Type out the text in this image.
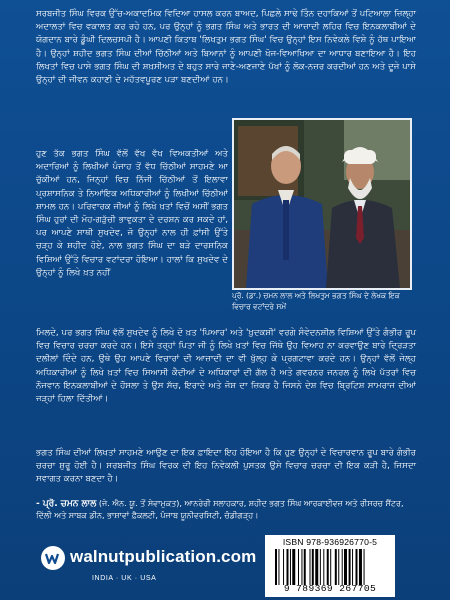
ਸਰਬਜੀਤ ਸਿੰਘ ਵਿਰਕ ਉੱਚ-ਅਕਾਦਮਿਕ ਵਿਦਿਆ ਹਾਸਲ ਕਰਨ ਬਾਅਦ, ਪਿਛਲੇ ਸਾਢੇ ਤਿੰਨ ਦਹਾਕਿਆਂ ਤੋਂ ਪਟਿਆਲਾ ਜ਼ਿਲ੍ਹਾ ਅਦਾਲਤਾਂ ਵਿਚ ਵਕਾਲਤ ਕਰ ਰਹੇ ਹਨ, ਪਰ ਉਨ੍ਹਾਂ ਨੂੰ ਭਗਤ ਸਿੰਘ ਅਤੇ ਭਾਰਤ ਦੀ ਆਜ਼ਾਦੀ ਲਹਿਰ ਵਿਚ ਇਨਕਲਾਬੀਆਂ ਦੇ ਯੋਗਦਾਨ ਬਾਰੇ ਡੂੰਘੀ ਦਿਲਚਸਪੀ ਹੈ। ਆਪਣੀ ਕਿਤਾਬ 'ਲਿਖਤੁਮ ਭਗਤ ਸਿੰਘ' ਵਿਚ ਉਨ੍ਹਾਂ ਇਸ ਨਿਵੇਕਲੇ ਵਿਸ਼ੇ ਨੂੰ ਹੱਥ ਪਾਇਆ ਹੈ। ਉਨ੍ਹਾਂ ਸ਼ਹੀਦ ਭਗਤ ਸਿੰਘ ਦੀਆਂ ਚਿੱਠੀਆਂ ਅਤੇ ਬਿਆਨਾਂ ਨੂੰ ਆਪਣੀ ਖੋਜ-ਵਿਆਖਿਆ ਦਾ ਆਧਾਰ ਬਣਾਇਆ ਹੈ। ਇਹ ਲਿਖਤਾਂ ਵਿਚ ਪਾਸੇ ਭਗਤ ਸਿੰਘ ਦੀ ਸ਼ਖ਼ਸੀਅਤ ਦੇ ਬਹੁਤ ਸਾਰੇ ਜਾਣੇ-ਅਣਜਾਣੇ ਪੱਖਾਂ ਨੂੰ ਲੋਕ-ਨਜ਼ਰ ਕਰਦੀਆਂ ਹਨ ਅਤੇ ਦੂਜੇ ਪਾਸੇ ਉਨ੍ਹਾਂ ਦੀ ਜੀਵਨ ਕਹਾਣੀ ਦੇ ਮਹੱਤਵਪੂਰਣ ਪੜਾ ਬਣਦੀਆਂ ਹਨ।

ਹੁਣ ਤੱਕ ਭਗਤ ਸਿੰਘ ਵੱਲੋਂ ਵੱਖ ਵੱਖ ਵਿਅਕਤੀਆਂ ਅਤੇ ਅਦਾਰਿਆਂ ਨੂੰ ਲਿਖੀਆਂ ਪੰਜਾਹ ਤੋਂ ਵੱਧ ਚਿੱਠੀਆਂ ਸਾਹਮਣੇ ਆ ਚੁੱਕੀਆਂ ਹਨ, ਜਿਨ੍ਹਾਂ ਵਿਚ ਨਿੱਜੀ ਚਿੱਠੀਆਂ ਤੋਂ ਇਲਾਵਾ ਪ੍ਰਸ਼ਾਸਨਿਕ ਤੇ ਨਿਆਂਇਕ ਅਧਿਕਾਰੀਆਂ ਨੂੰ ਲਿਖੀਆਂ ਚਿੱਠੀਆਂ ਸ਼ਾਮਲ ਹਨ। ਪਰਿਵਾਰਕ ਜੀਆਂ ਨੂੰ ਲਿਖੇ ਖ਼ਤਾਂ ਵਿਚੋਂ ਅਸੀਂ ਭਗਤ ਸਿੰਘ ਹੁਰਾਂ ਦੀ ਮੋਹ-ਗੜੁੱਚੀ ਭਾਵੁਕਤਾ ਦੇ ਦਰਸ਼ਨ ਕਰ ਸਕਦੇ ਹਾਂ, ਪਰ ਆਪਣੇ ਸਾਥੀ ਸੁਖਦੇਵ, ਜੋ ਉਨ੍ਹਾਂ ਨਾਲ ਹੀ ਫ਼ਾਂਸੀ ਉੱਤੇ ਚੜ੍ਹ ਕੇ ਸ਼ਹੀਦ ਹੋਏ, ਨਾਲ ਭਗਤ ਸਿੰਘ ਦਾ ਬੜੇ ਦਾਰਸ਼ਨਿਕ ਵਿਸ਼ਿਆਂ ਉੱਤੇ ਵਿਚਾਰ ਵਟਾਂਦਰਾ ਹੋਇਆ। ਹਾਲਾਂ ਕਿ ਸੁਖਦੇਵ ਦੇ ਉਨ੍ਹਾਂ ਨੂੰ ਲਿਖੇ ਖ਼ਤ ਨਹੀਂ

ਪ੍ਰੋ. (ਡਾ.) ਚਮਨ ਲਾਲ ਅਤੇ ਲਿਖਤੁਮ ਭਗਤ ਸਿੰਘ ਦੇ ਲੇਖਕ ਇਕ ਵਿਚਾਰ ਵਟਾਂਦਰੇ ਸਮੇਂ

ਮਿਲਦੇ, ਪਰ ਭਗਤ ਸਿੰਘ ਵੱਲੋਂ ਸੁਖਦੇਵ ਨੂੰ ਲਿਖੇ ਦੋ ਖ਼ਤ 'ਪਿਆਰ' ਅਤੇ 'ਖ਼ੁਦਕਸ਼ੀ' ਵਰਗੇ ਸੰਵੇਦਨਸ਼ੀਲ ਵਿਸ਼ਿਆਂ ਉੱਤੇ ਗੰਭੀਰ ਰੂਪ ਵਿਚ ਵਿਚਾਰ ਚਰਚਾ ਕਰਦੇ ਹਨ। ਇਸੇ ਤਰ੍ਹਾਂ ਪਿਤਾ ਜੀ ਨੂੰ ਲਿਖੇ ਖ਼ਤਾਂ ਵਿਚ ਜਿੱਥੇ ਉਹ ਵਿਆਹ ਨਾ ਕਰਵਾਉਣ ਬਾਰੇ ਦ੍ਰਿੜਤਾ ਦਲੀਲਾਂ ਦਿੰਦੇ ਹਨ, ਉਥੇ ਉਹ ਆਪਣੇ ਵਿਚਾਰਾਂ ਦੀ ਆਜ਼ਾਦੀ ਦਾ ਵੀ ਖੁੱਲ੍ਹ ਕੇ ਪ੍ਰਗਟਾਵਾ ਕਰਦੇ ਹਨ। ਉਨ੍ਹਾਂ ਵੱਲੋਂ ਜੇਲ੍ਹ ਅਧਿਕਾਰੀਆਂ ਨੂੰ ਲਿਖੇ ਖ਼ਤਾਂ ਵਿਚ ਸਿਆਸੀ ਕੈਦੀਆਂ ਦੇ ਅਧਿਕਾਰਾਂ ਦੀ ਗੱਲ ਹੈ ਅਤੇ ਗਵਰਨਰ ਜਨਰਲ ਨੂੰ ਲਿਖੇ ਪੱਤਰਾਂ ਵਿਚ ਨੌਜਵਾਨ ਇਨਕਲਾਬੀਆਂ ਦੇ ਹੌਸਲਾ ਤੇ ਉਸ ਸੱਚ, ਇਰਾਦੇ ਅਤੇ ਜੋਸ਼ ਦਾ ਜ਼ਿਕਰ ਹੈ ਜਿਸਨੇ ਦੇਸ਼ ਵਿਚ ਬ੍ਰਿਟਿਸ਼ ਸਾਮਰਾਜ ਦੀਆਂ ਜੜ੍ਹਾਂ ਹਿਲਾ ਦਿੱਤੀਆਂ।

ਭਗਤ ਸਿੰਘ ਦੀਆਂ ਲਿਖਤਾਂ ਸਾਹਮਣੇ ਆਉਣ ਦਾ ਇਕ ਫ਼ਾਇਦਾ ਇਹ ਹੋਇਆ ਹੈ ਕਿ ਹੁਣ ਉਨ੍ਹਾਂ ਦੇ ਵਿਚਾਰਵਾਨ ਰੂਪ ਬਾਰੇ ਗੰਭੀਰ ਚਰਚਾ ਸ਼ੁਰੂ ਹੋਈ ਹੈ। ਸਰਬਜੀਤ ਸਿੰਘ ਵਿਰਕ ਦੀ ਇਹ ਨਿਵੇਕਲੀ ਪੁਸਤਕ ਉਸੇ ਵਿਚਾਰ ਚਰਚਾ ਦੀ ਇਕ ਕੜੀ ਹੈ, ਜਿਸਦਾ ਸਵਾਗਤ ਕਰਨਾ ਬਣਦਾ ਹੈ।

- ਪ੍ਰੋ. ਚਮਨ ਲਾਲ (ਜੇ. ਐਨ. ਯੂ. ਤੋਂ ਸੇਵਾਮੁਕਤ), ਆਨਰੇਰੀ ਸਲਾਹਕਾਰ, ਸ਼ਹੀਦ ਭਗਤ ਸਿੰਘ ਆਰਕਾਈਵਜ਼ ਅਤੇ ਰੀਸਰਚ ਸੈਂਟਰ, ਦਿੱਲੀ ਅਤੇ ਸਾਬਕ ਡੀਨ, ਭਾਸ਼ਾਵਾਂ ਫ਼ੈਕਲਟੀ, ਪੰਜਾਬ ਯੂਨੀਵਰਸਿਟੀ, ਚੰਡੀਗੜ੍ਹ।

walnutpublication.com
INDIA · UK · USA
ISBN 978-936926770-5
9 789369 267705
